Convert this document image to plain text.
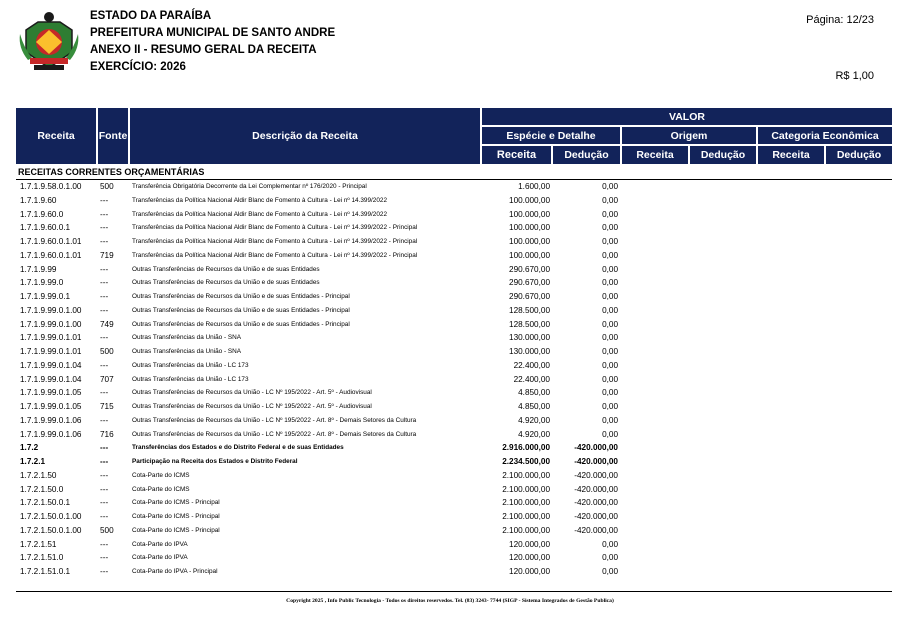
ESTADO DA PARAÍBA
PREFEITURA MUNICIPAL DE SANTO ANDRE
ANEXO II - RESUMO GERAL DA RECEITA
EXERCÍCIO: 2026
Página: 12/23
R$ 1,00
Receita	Fonte	Descrição da Receita
VALOR
Espécie e Detalhe	Origem	Categoria Econômica
Receita	Dedução	Receita	Dedução	Receita	Dedução
RECEITAS CORRENTES ORÇAMENTÁRIAS
1.7.1.9.58.0.1.00 500	Transferência Obrigatória Decorrente da Lei Complementar nº 176/2020 - Principal	1.600,00	0,00
1.7.1.9.60	---	Transferências da Política Nacional Aldir Blanc de Fomento à Cultura - Lei nº 14.399/2022	100.000,00	0,00
1.7.1.9.60.0	---	Transferências da Política Nacional Aldir Blanc de Fomento à Cultura - Lei nº 14.399/2022	100.000,00	0,00
1.7.1.9.60.0.1	---	Transferências da Política Nacional Aldir Blanc de Fomento à Cultura - Lei nº 14.399/2022 - Principal	100.000,00	0,00
1.7.1.9.60.0.1.01 ---	Transferências da Política Nacional Aldir Blanc de Fomento à Cultura - Lei nº 14.399/2022 - Principal	100.000,00	0,00
1.7.1.9.60.0.1.01 719	Transferências da Política Nacional Aldir Blanc de Fomento à Cultura - Lei nº 14.399/2022 - Principal	100.000,00	0,00
1.7.1.9.99	---	Outras Transferências de Recursos da União e de suas Entidades	290.670,00	0,00
1.7.1.9.99.0	---	Outras Transferências de Recursos da União e de suas Entidades	290.670,00	0,00
1.7.1.9.99.0.1	---	Outras Transferências de Recursos da União e de suas Entidades - Principal	290.670,00	0,00
1.7.1.9.99.0.1.00 ---	Outras Transferências de Recursos da União e de suas Entidades - Principal	128.500,00	0,00
1.7.1.9.99.0.1.00 749	Outras Transferências de Recursos da União e de suas Entidades - Principal	128.500,00	0,00
1.7.1.9.99.0.1.01 ---	Outras Transferências da União - SNA	130.000,00	0,00
1.7.1.9.99.0.1.01 500	Outras Transferências da União - SNA	130.000,00	0,00
1.7.1.9.99.0.1.04 ---	Outras Transferências da União - LC 173	22.400,00	0,00
1.7.1.9.99.0.1.04 707	Outras Transferências da União - LC 173	22.400,00	0,00
1.7.1.9.99.0.1.05 ---	Outras Transferências de Recursos da União - LC Nº 195/2022 - Art. 5º - Audiovisual	4.850,00	0,00
1.7.1.9.99.0.1.05 715	Outras Transferências de Recursos da União - LC Nº 195/2022 - Art. 5º - Audiovisual	4.850,00	0,00
1.7.1.9.99.0.1.06 ---	Outras Transferências de Recursos da União - LC Nº 195/2022 - Art. 8º - Demais Setores da Cultura	4.920,00	0,00
1.7.1.9.99.0.1.06 716	Outras Transferências de Recursos da União - LC Nº 195/2022 - Art. 8º - Demais Setores da Cultura	4.920,00	0,00
1.7.2	---	Transferências dos Estados e do Distrito Federal e de suas Entidades	2.916.000,00	-420.000,00
1.7.2.1	---	Participação na Receita dos Estados e Distrito Federal	2.234.500,00	-420.000,00
1.7.2.1.50	---	Cota-Parte do ICMS	2.100.000,00	-420.000,00
1.7.2.1.50.0	---	Cota-Parte do ICMS	2.100.000,00	-420.000,00
1.7.2.1.50.0.1	---	Cota-Parte do ICMS - Principal	2.100.000,00	-420.000,00
1.7.2.1.50.0.1.00 ---	Cota-Parte do ICMS - Principal	2.100.000,00	-420.000,00
1.7.2.1.50.0.1.00 500	Cota-Parte do ICMS - Principal	2.100.000,00	-420.000,00
1.7.2.1.51	---	Cota-Parte do IPVA	120.000,00	0,00
1.7.2.1.51.0	---	Cota-Parte do IPVA	120.000,00	0,00
1.7.2.1.51.0.1	---	Cota-Parte do IPVA - Principal	120.000,00	0,00
Copyright 2025 , Info Public Tecnologia - Todos os direitos reservedos. Tel. (83) 3243- 7744 (SIGP - Sistema Integrados de Gestão Publica)
